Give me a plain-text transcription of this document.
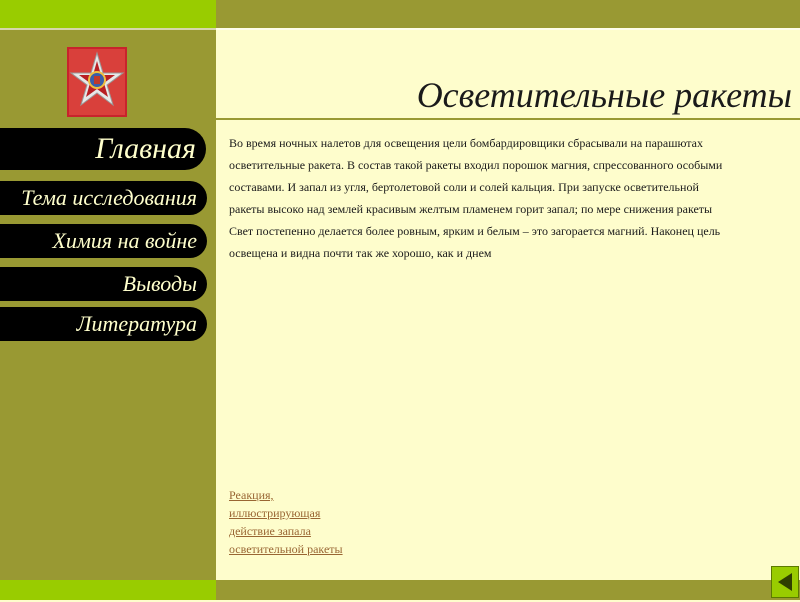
Главная
Тема исследования
Химия на войне
Выводы
Литература
Осветительные ракеты
Во время ночных налетов для освещения цели бомбардировщики сбрасывали на парашютах
осветительные ракета. В состав такой ракеты входил порошок магния, спрессованного особыми
составами. И запал из угля, бертолетовой соли и солей кальция. При запуске осветительной
ракеты высоко над землей красивым желтым пламенем горит запал; по мере снижения ракеты
Свет постепенно делается более ровным, ярким и белым – это загорается магний. Наконец цель
освещена и видна почти так же хорошо, как и днем
Реакция,
иллюстрирующая
действие запала
осветительной ракеты
